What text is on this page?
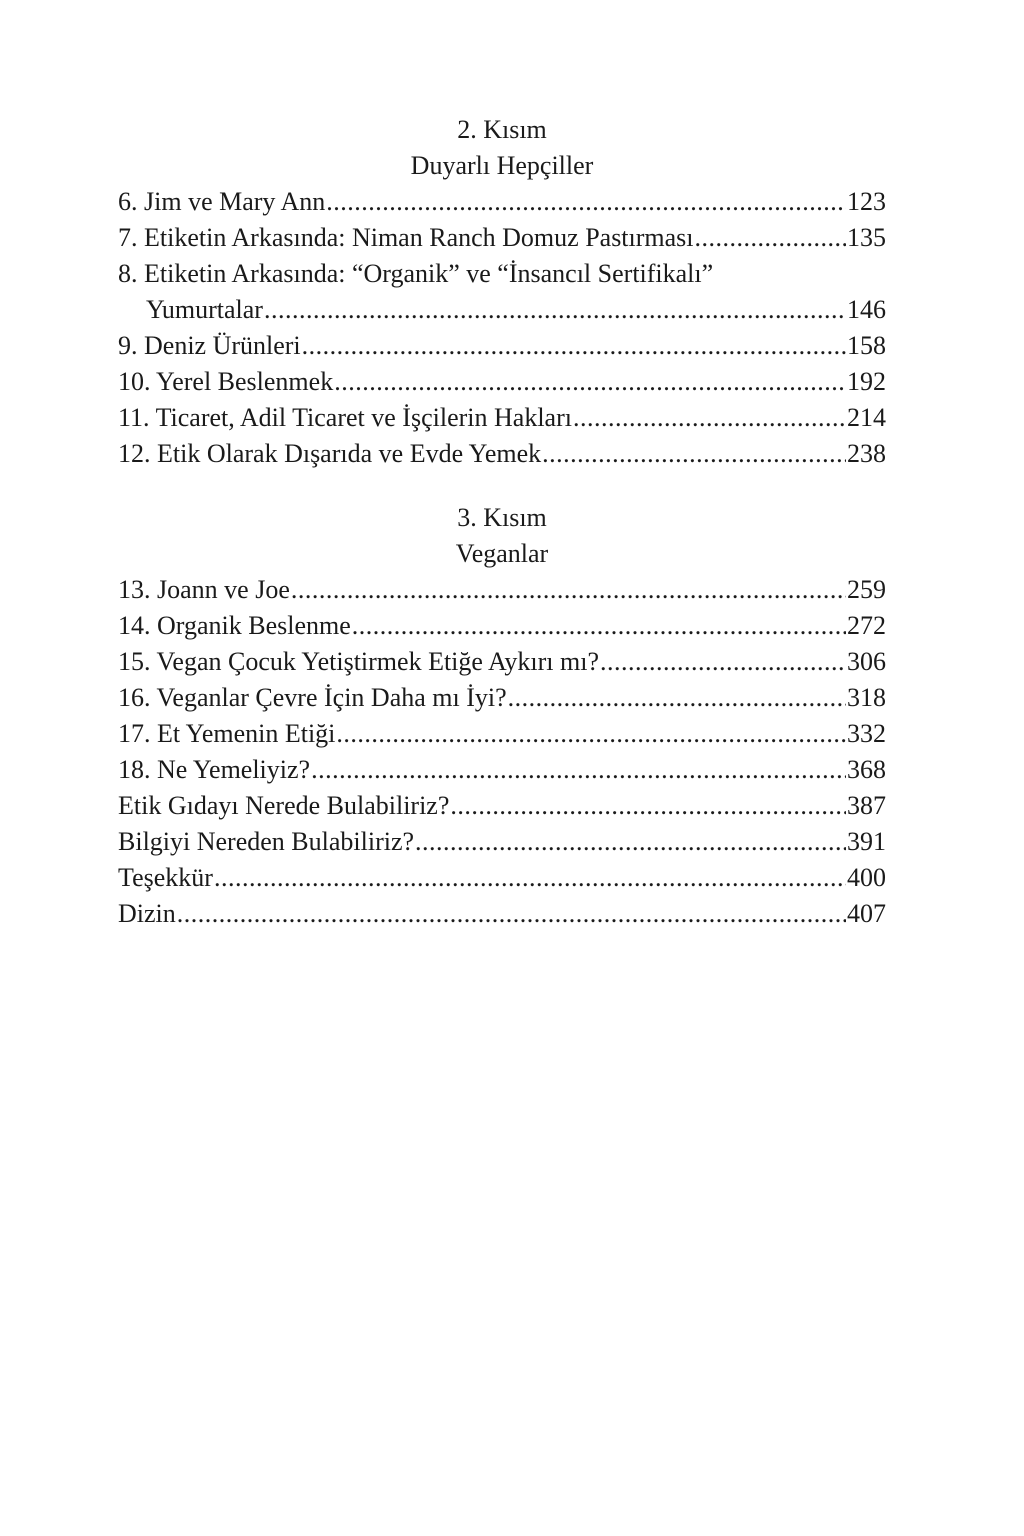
2. Kısım
Duyarlı Hepçiller
6. Jim ve Mary Ann .....	123
7. Etiketin Arkasında: Niman Ranch Domuz Pastırması .....	135
8. Etiketin Arkasında: “Organik” ve “İnsancıl Sertifikalı”
Yumurtalar .....	146
9. Deniz Ürünleri .....	158
10. Yerel Beslenmek .....	192
11. Ticaret, Adil Ticaret ve İşçilerin Hakları .....	214
12. Etik Olarak Dışarıda ve Evde Yemek .....	238
3. Kısım
Veganlar
13. Joann ve Joe .....	259
14. Organik Beslenme .....	272
15. Vegan Çocuk Yetiştirmek Etiğe Aykırı mı? .....	306
16. Veganlar Çevre İçin Daha mı İyi? .....	318
17. Et Yemenin Etiği .....	332
18. Ne Yemeliyiz? .....	368
Etik Gıdayı Nerede Bulabiliriz? .....	387
Bilgiyi Nereden Bulabiliriz? .....	391
Teşekkür .....	400
Dizin .....	407
